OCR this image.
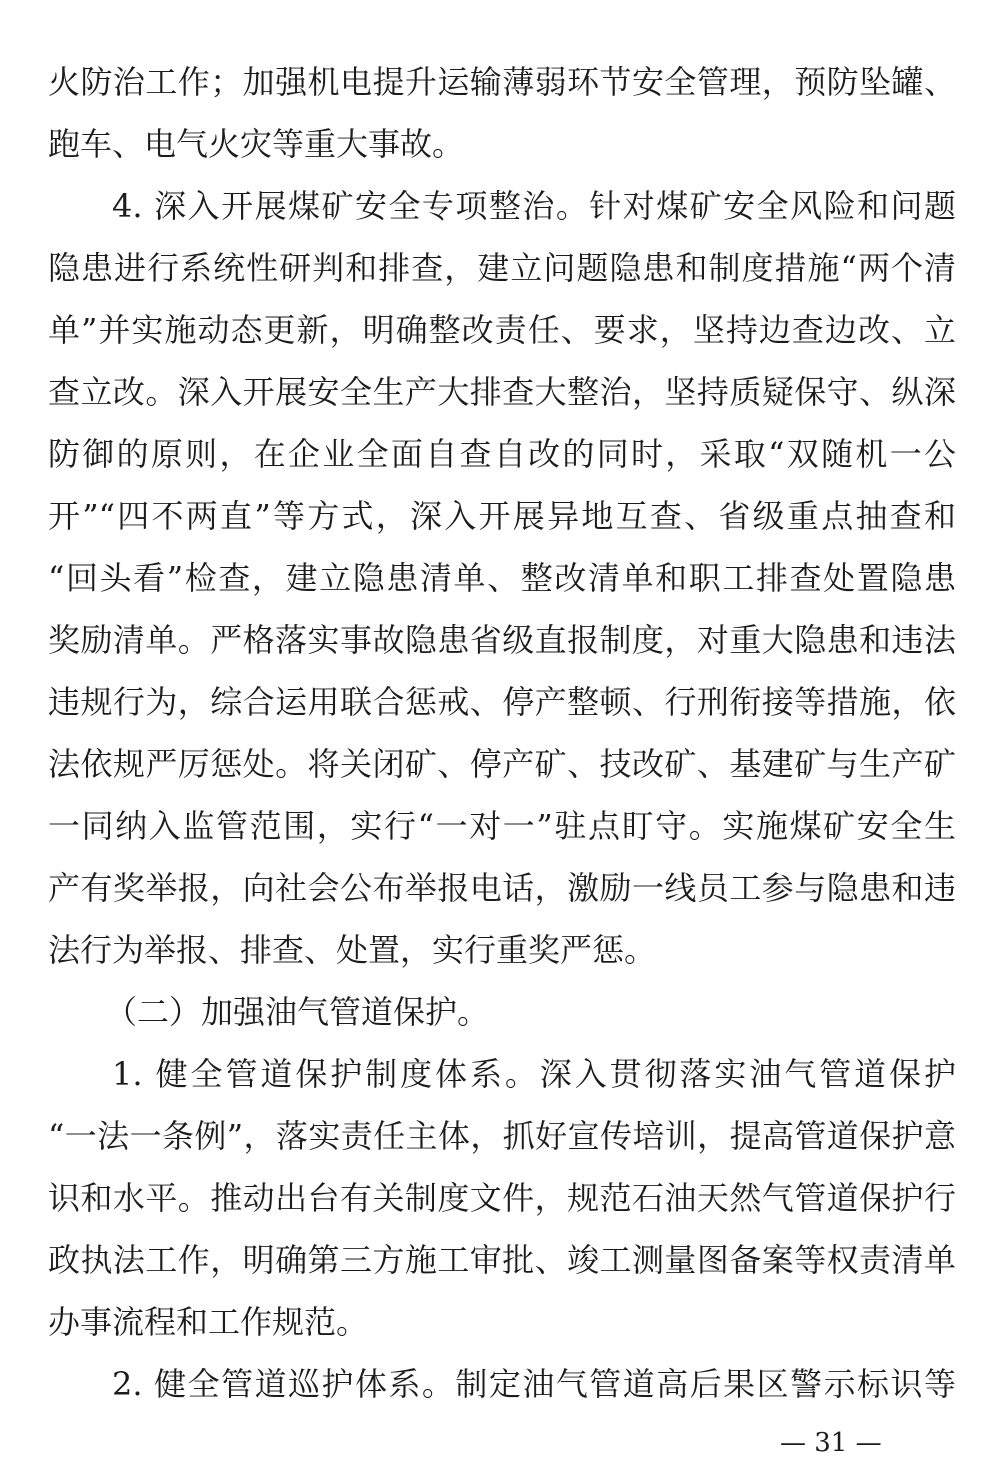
火防治工作；加强机电提升运输薄弱环节安全管理，预防坠罐、
跑车、电气火灾等重大事故。
4. 深入开展煤矿安全专项整治。针对煤矿安全风险和问题
隐患进行系统性研判和排查，建立问题隐患和制度措施“两个清
单”并实施动态更新，明确整改责任、要求，坚持边查边改、立
查立改。深入开展安全生产大排查大整治，坚持质疑保守、纵深
防御的原则，在企业全面自查自改的同时，采取“双随机一公
开”“四不两直”等方式，深入开展异地互查、省级重点抽查和
“回头看”检查，建立隐患清单、整改清单和职工排查处置隐患
奖励清单。严格落实事故隐患省级直报制度，对重大隐患和违法
违规行为，综合运用联合惩戒、停产整顿、行刑衔接等措施，依
法依规严厉惩处。将关闭矿、停产矿、技改矿、基建矿与生产矿
一同纳入监管范围，实行“一对一”驻点盯守。实施煤矿安全生
产有奖举报，向社会公布举报电话，激励一线员工参与隐患和违
法行为举报、排查、处置，实行重奖严惩。
（二）加强油气管道保护。
1. 健全管道保护制度体系。深入贯彻落实油气管道保护
“一法一条例”，落实责任主体，抓好宣传培训，提高管道保护意
识和水平。推动出台有关制度文件，规范石油天然气管道保护行
政执法工作，明确第三方施工审批、竣工测量图备案等权责清单
办事流程和工作规范。
2. 健全管道巡护体系。制定油气管道高后果区警示标识等
— 31 —
